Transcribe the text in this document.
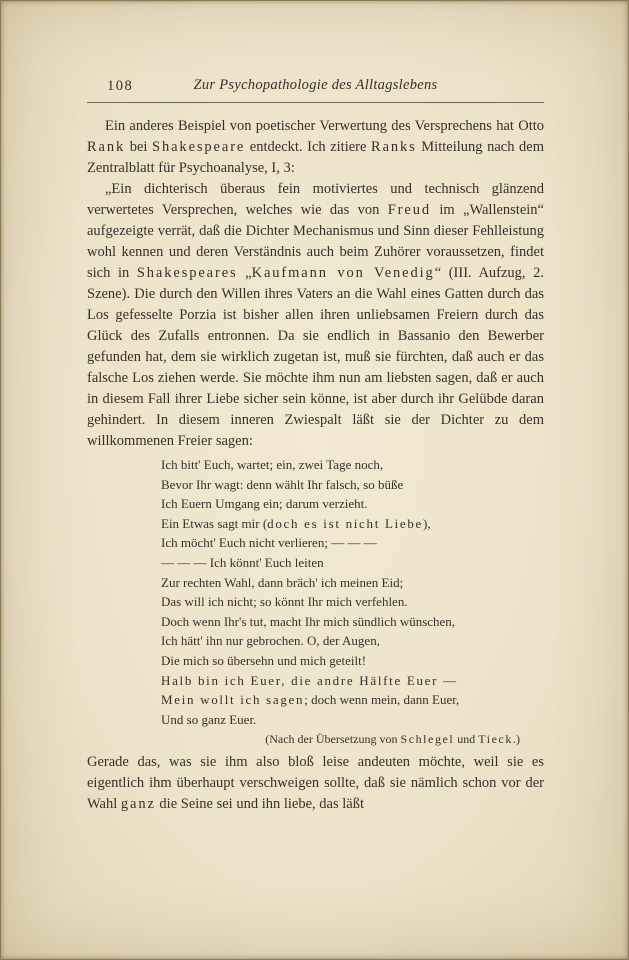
108	Zur Psychopathologie des Alltagslebens

Ein anderes Beispiel von poetischer Verwertung des Versprechens hat Otto Rank bei Shakespeare entdeckt. Ich zitiere Ranks Mitteilung nach dem Zentralblatt für Psychoanalyse, I, 3:

„Ein dichterisch überaus fein motiviertes und technisch glänzend verwertetes Versprechen, welches wie das von Freud im „Wallenstein“ aufgezeigte verrät, daß die Dichter Mechanismus und Sinn dieser Fehlleistung wohl kennen und deren Verständnis auch beim Zuhörer voraussetzen, findet sich in Shakespeares „Kaufmann von Venedig“ (III. Aufzug, 2. Szene). Die durch den Willen ihres Vaters an die Wahl eines Gatten durch das Los gefesselte Porzia ist bisher allen ihren unliebsamen Freiern durch das Glück des Zufalls entronnen. Da sie endlich in Bassanio den Bewerber gefunden hat, dem sie wirklich zugetan ist, muß sie fürchten, daß auch er das falsche Los ziehen werde. Sie möchte ihm nun am liebsten sagen, daß er auch in diesem Fall ihrer Liebe sicher sein könne, ist aber durch ihr Gelübde daran gehindert. In diesem inneren Zwiespalt läßt sie der Dichter zu dem willkommenen Freier sagen:

Ich bitt' Euch, wartet; ein, zwei Tage noch,
Bevor Ihr wagt: denn wählt Ihr falsch, so büße
Ich Euern Umgang ein; darum verzieht.
Ein Etwas sagt mir (doch es ist nicht Liebe),
Ich möcht' Euch nicht verlieren; — — —
— — — Ich könnt' Euch leiten
Zur rechten Wahl, dann bräch' ich meinen Eid;
Das will ich nicht; so könnt Ihr mich verfehlen.
Doch wenn Ihr's tut, macht Ihr mich sündlich wünschen,
Ich hätt' ihn nur gebrochen. O, der Augen,
Die mich so übersehn und mich geteilt!
Halb bin ich Euer, die andre Hälfte Euer —
Mein wollt ich sagen; doch wenn mein, dann Euer,
Und so ganz Euer.
(Nach der Übersetzung von Schlegel und Tieck.)

Gerade das, was sie ihm also bloß leise andeuten möchte, weil sie es eigentlich ihm überhaupt verschweigen sollte, daß sie nämlich schon vor der Wahl ganz die Seine sei und ihn liebe, das läßt
